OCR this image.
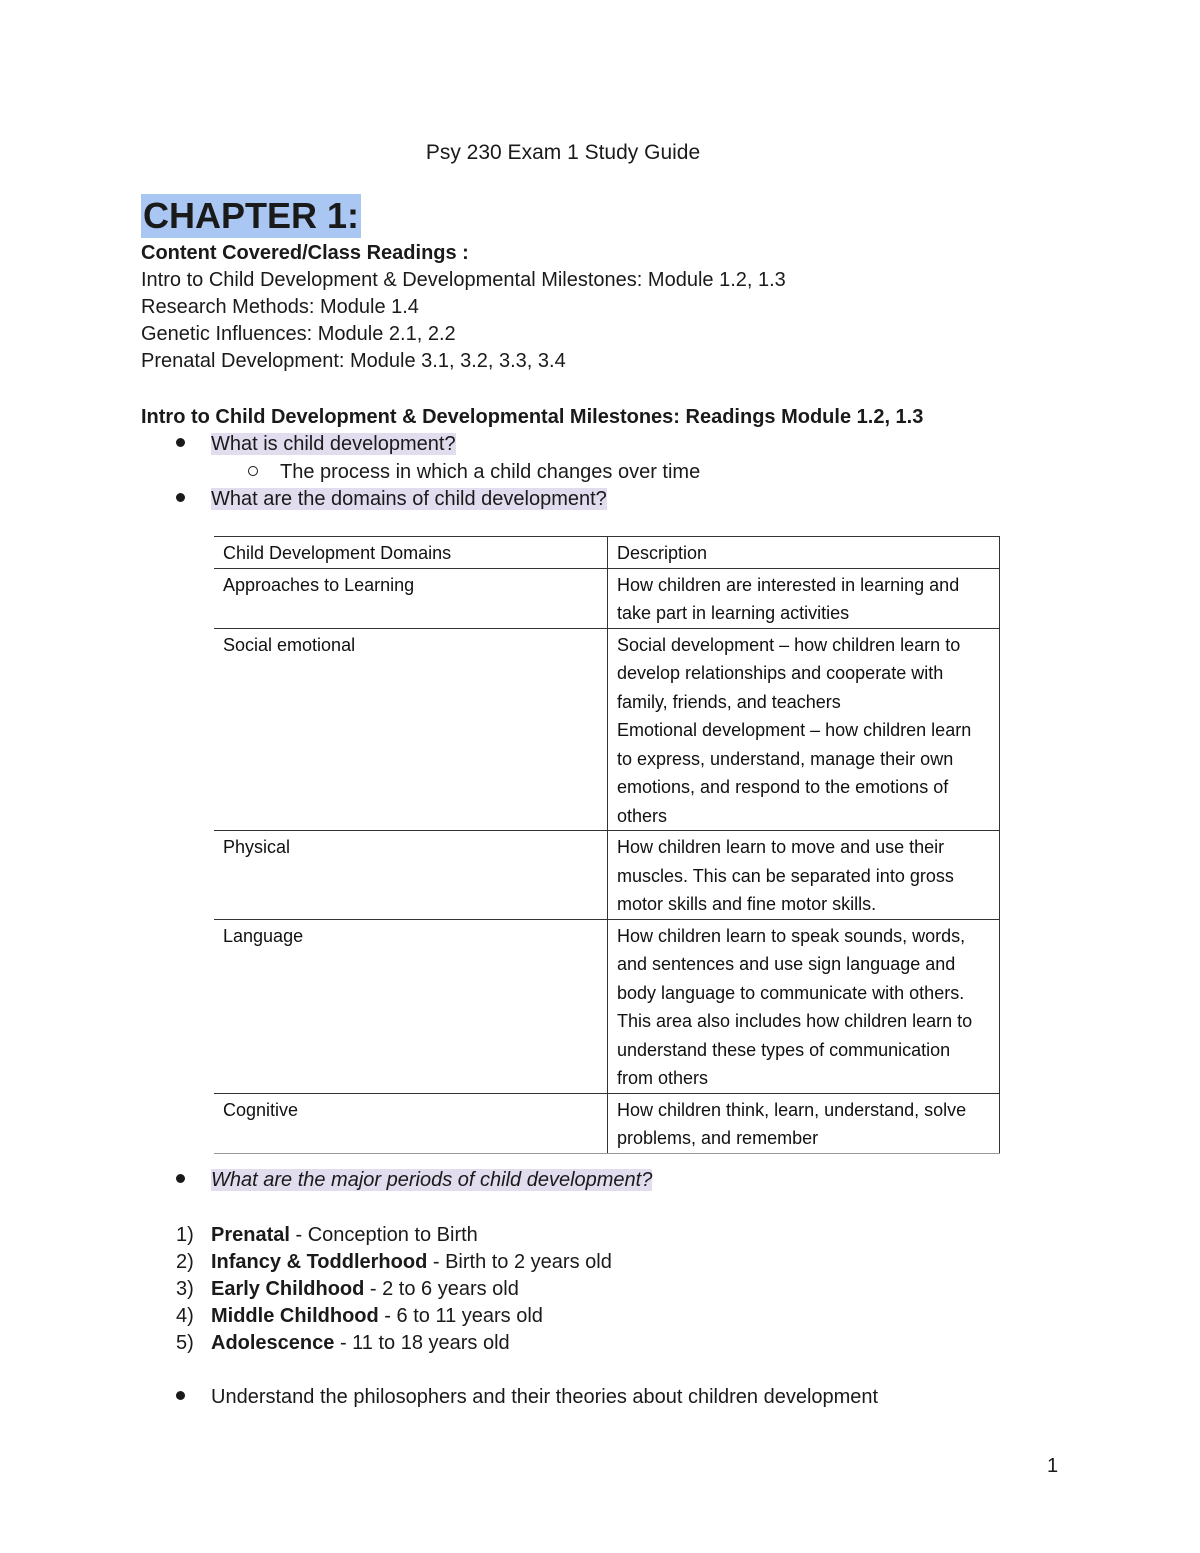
Psy 230 Exam 1 Study Guide
CHAPTER 1:
Content Covered/Class Readings :
Intro to Child Development & Developmental Milestones: Module 1.2, 1.3
Research Methods: Module 1.4
Genetic Influences: Module 2.1, 2.2
Prenatal Development: Module 3.1, 3.2, 3.3, 3.4
Intro to Child Development & Developmental Milestones: Readings Module 1.2, 1.3
What is child development?
The process in which a child changes over time
What are the domains of child development?
Child Development Domains	Description
Approaches to Learning	How children are interested in learning and take part in learning activities
Social emotional	Social development – how children learn to develop relationships and cooperate with family, friends, and teachers
Emotional development – how children learn to express, understand, manage their own emotions, and respond to the emotions of others

Physical	How children learn to move and use their muscles. This can be separated into gross motor skills and fine motor skills.
Language	How children learn to speak sounds, words, and sentences and use sign language and body language to communicate with others. This area also includes how children learn to understand these types of communication from others
Cognitive	How children think, learn, understand, solve problems, and remember
What are the major periods of child development?
1) Prenatal - Conception to Birth
2) Infancy & Toddlerhood - Birth to 2 years old
3) Early Childhood - 2 to 6 years old
4) Middle Childhood - 6 to 11 years old
5) Adolescence - 11 to 18 years old
Understand the philosophers and their theories about children development
1
